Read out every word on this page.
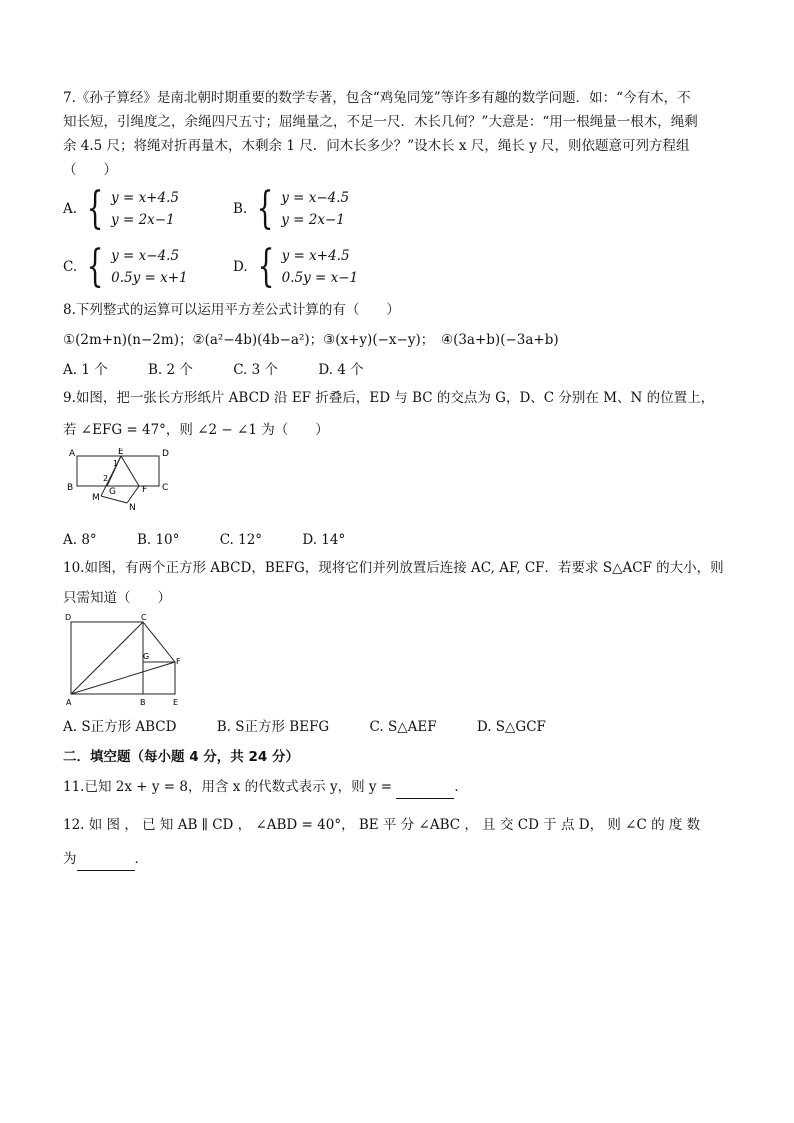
7.《孙子算经》是南北朝时期重要的数学专著，包含“鸡兔同笼”等许多有趣的数学问题．如：“今有木，不
知长短，引绳度之，余绳四尺五寸；屈绳量之，不足一尺．木长几何？”大意是：“用一根绳量一根木，绳剩
余 4.5 尺；将绳对折再量木，木剩余 1 尺．问木长多少？”设木长 x 尺，绳长 y 尺，则依题意可列方程组
（　　）
A. { y = x+4.5
y = 2x−1
B. { y = x−4.5
y = 2x−1
C. { y = x−4.5
0.5y = x+1
D. { y = x+4.5
0.5y = x−1
8.下列整式的运算可以运用平方差公式计算的有（　　）
①(2m+n)(n−2m)；②(a²−4b)(4b−a²)；③(x+y)(−x−y)；　④(3a+b)(−3a+b)
A. 1 个	B. 2 个	C. 3 个	D. 4 个
9.如图，把一张长方形纸片 ABCD 沿 EF 折叠后，ED 与 BC 的交点为 G，D、C 分别在 M、N 的位置上，
若 ∠EFG = 47°，则 ∠2 − ∠1 为（　　）
A	D
B	C
E
F
G
M
N
1
2
A. 8°	B. 10°	C. 12°	D. 14°
10.如图，有两个正方形 ABCD，BEFG，现将它们并列放置后连接 AC, AF, CF．若要求 S△ACF 的大小，则
只需知道（　　）
D	C
G
F
A	B	E
A. S正方形 ABCD	B. S正方形 BEFG	C. S△AEF	D. S△GCF
二．填空题（每小题 4 分，共 24 分）
11.已知 2x + y = 8，用含 x 的代数式表示 y，则 y =	．
12. 如 图 ， 已 知 AB ∥ CD ， ∠ABD = 40°， BE 平 分 ∠ABC ， 且 交 CD 于 点 D， 则 ∠C 的 度 数
为	．
